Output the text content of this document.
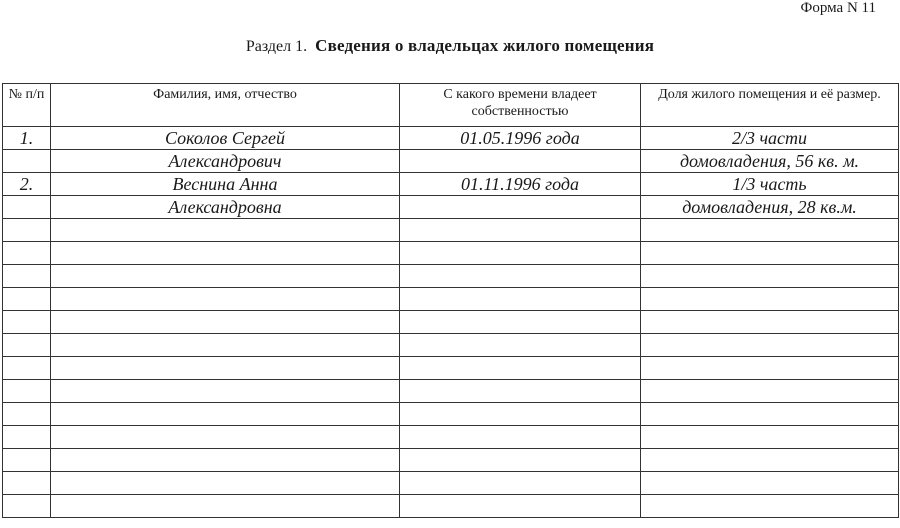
Форма N 11
Раздел 1. Сведения о владельцах жилого помещения
№ п/п	Фамилия, имя, отчество	С какого времени владеет собственностью	Доля жилого помещения и её размер.
1.	Соколов Сергей	01.05.1996 года	2/3 части
	Александрович		домовладения, 56 кв. м.
2.	Веснина Анна	01.11.1996 года	1/3 часть
	Александровна		домовладения, 28 кв.м.
